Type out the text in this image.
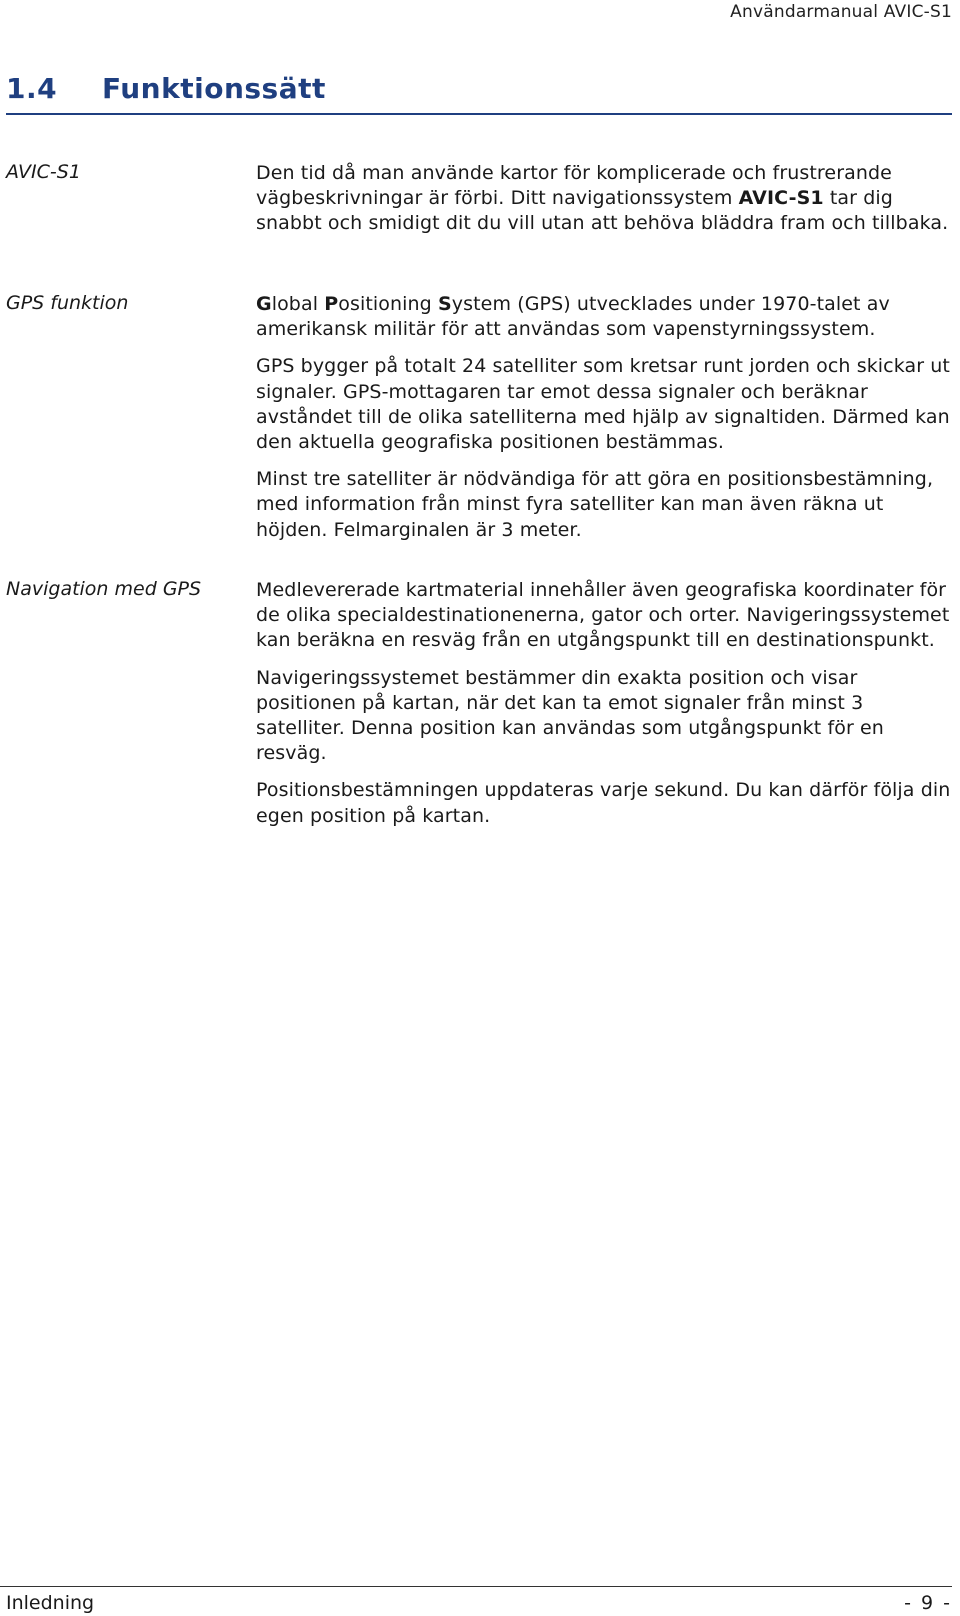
Användarmanual AVIC-S1
1.4 Funktionssätt
AVIC-S1	Den tid då man använde kartor för komplicerade och frustrerande vägbeskrivningar är förbi. Ditt navigationssystem AVIC-S1 tar dig snabbt och smidigt dit du vill utan att behöva bläddra fram och tillbaka.

GPS funktion	Global Positioning System (GPS) utvecklades under 1970-talet av amerikansk militär för att användas som vapenstyrningssystem.

GPS bygger på totalt 24 satelliter som kretsar runt jorden och skickar ut signaler. GPS-mottagaren tar emot dessa signaler och beräknar avståndet till de olika satelliterna med hjälp av signaltiden. Därmed kan den aktuella geografiska positionen bestämmas.

Minst tre satelliter är nödvändiga för att göra en positionsbestämning, med information från minst fyra satelliter kan man även räkna ut höjden. Felmarginalen är 3 meter.

Navigation med GPS	Medlevererade kartmaterial innehåller även geografiska koordinater för de olika specialdestinationenerna, gator och orter. Navigeringssystemet kan beräkna en resväg från en utgångspunkt till en destinationspunkt.

Navigeringssystemet bestämmer din exakta position och visar positionen på kartan, när det kan ta emot signaler från minst 3 satelliter. Denna position kan användas som utgångspunkt för en resväg.

Positionsbestämningen uppdateras varje sekund. Du kan därför följa din egen position på kartan.

Inledning	- 9 -
